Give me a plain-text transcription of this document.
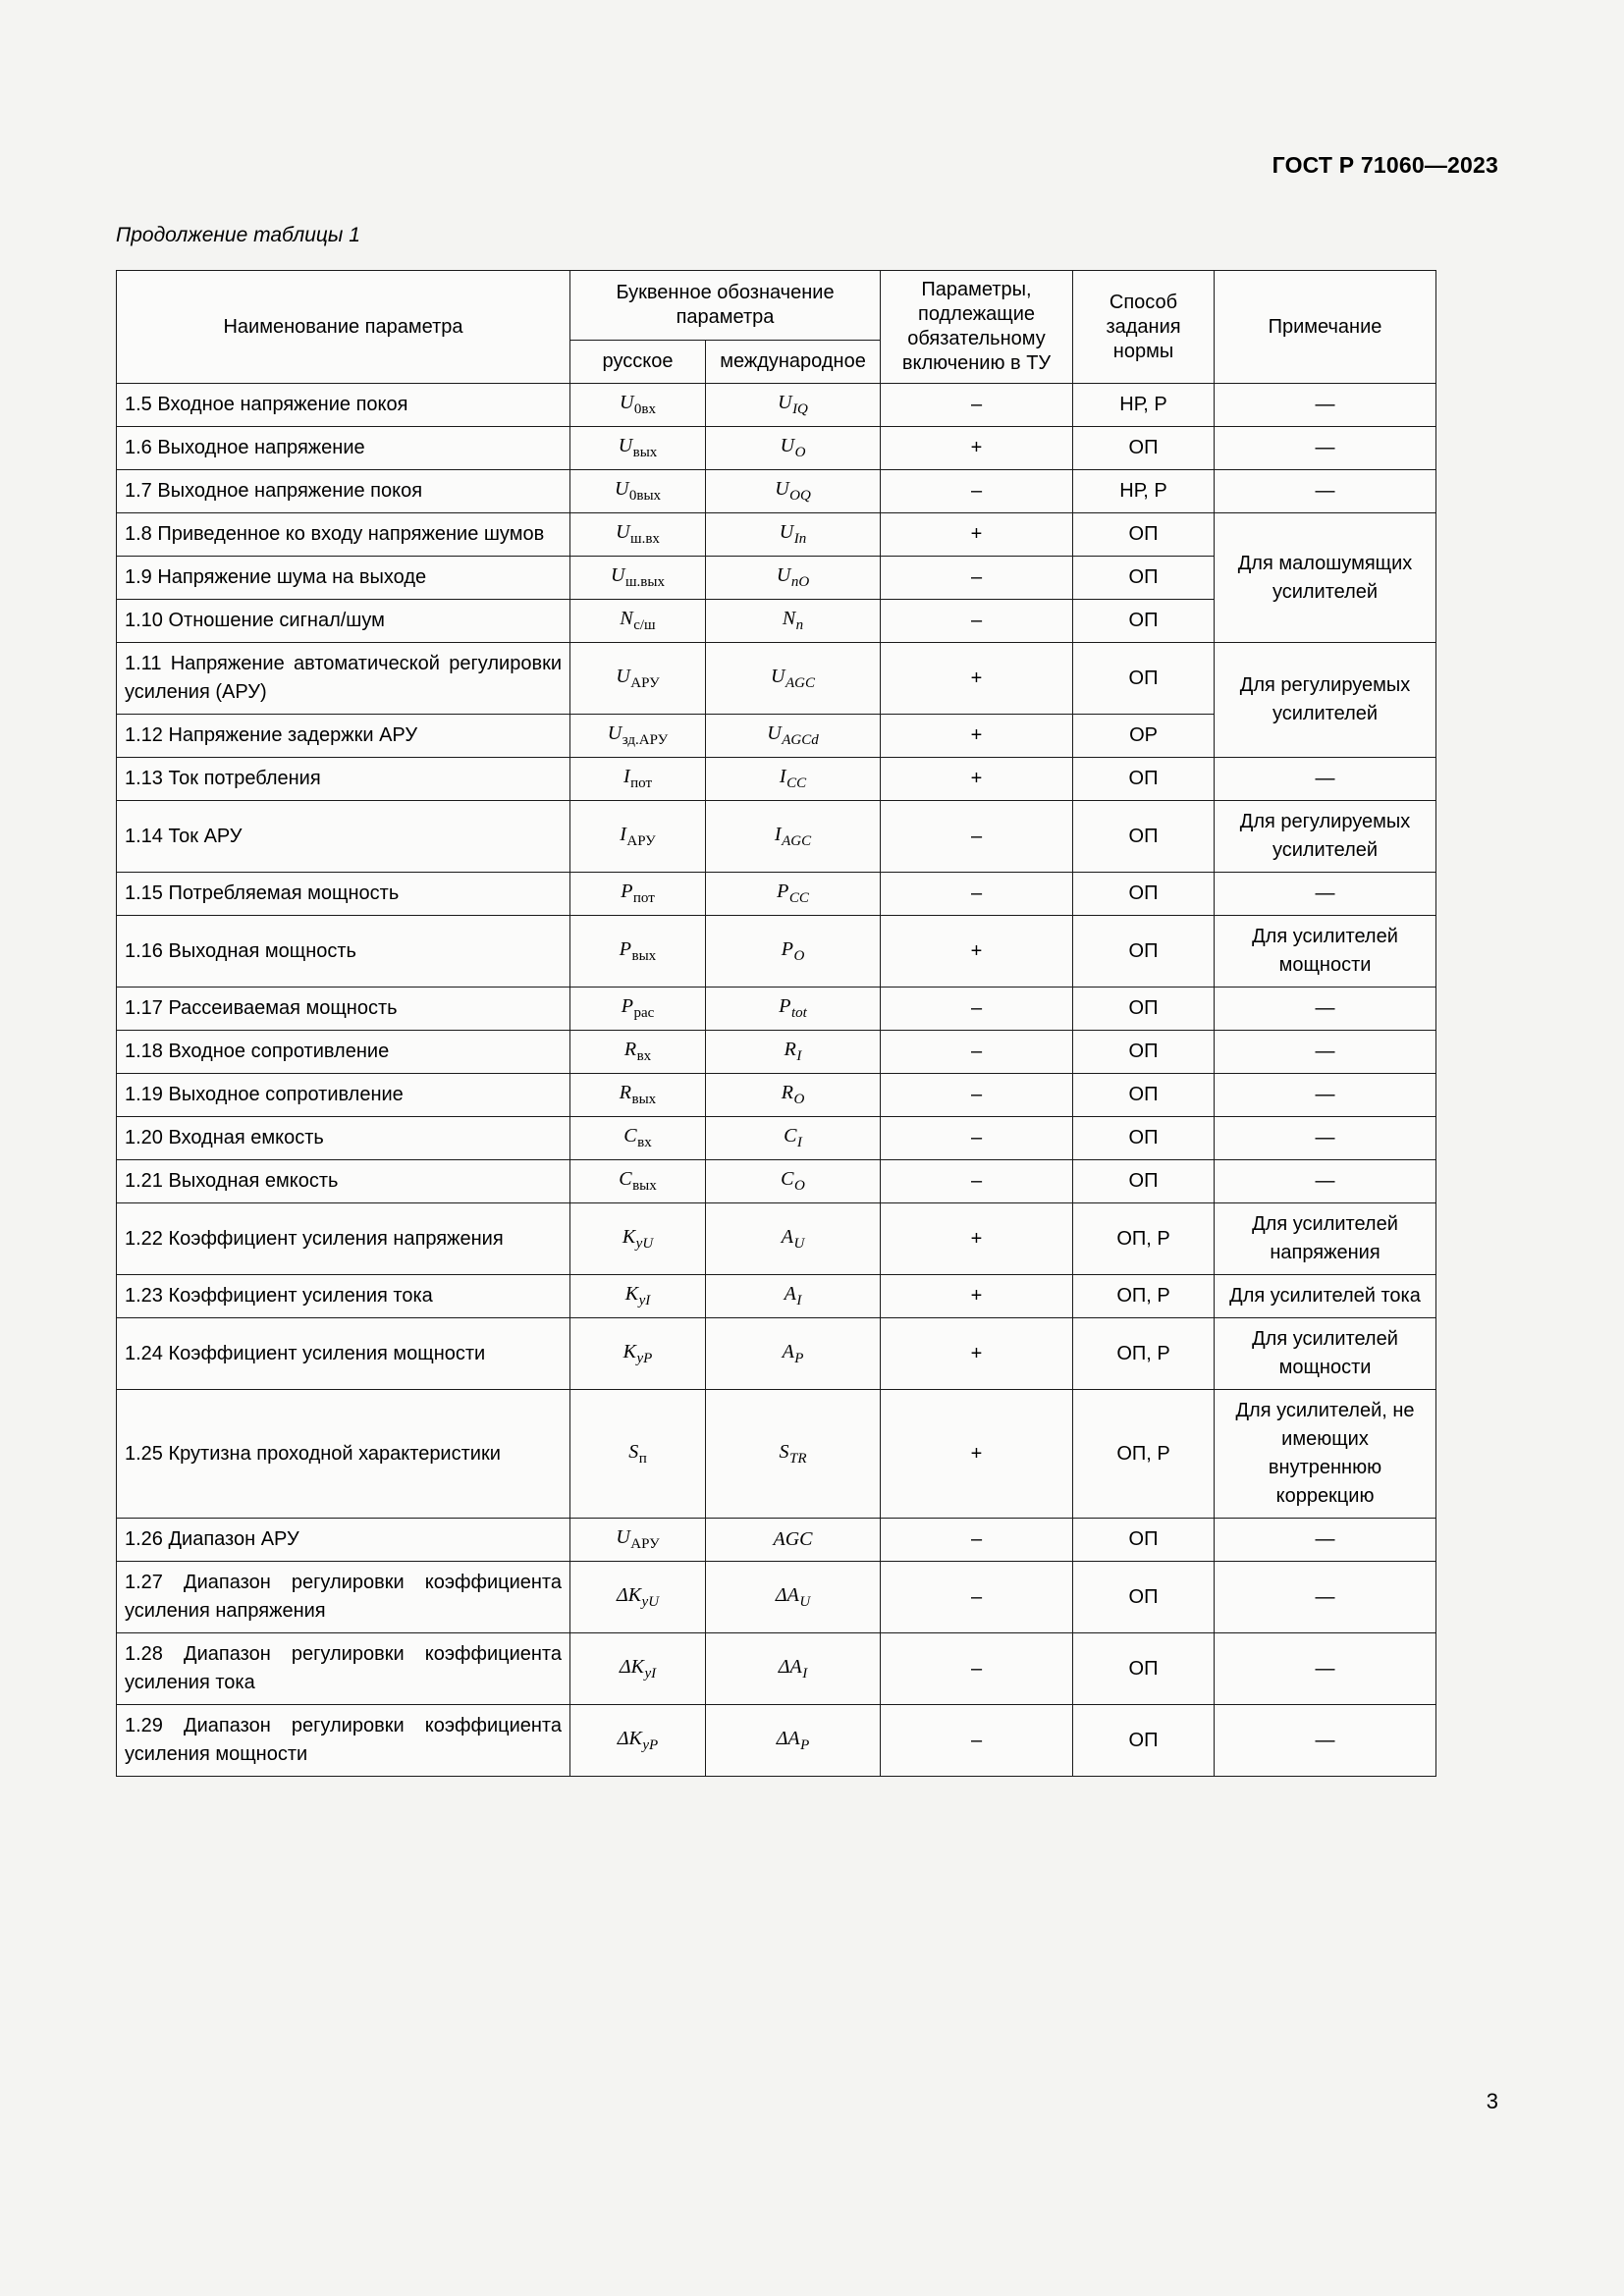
ГОСТ Р 71060—2023
Продолжение таблицы 1
Наименование параметра	Буквенное обозначение параметра		Параметры, подлежащие обязательному включению в ТУ	Способ задания нормы	Примечание
	русское	международное			

1.5 Входное напряжение покоя	$U_{0вх}$	$U_{IQ}$	–	НР, Р	—

1.6 Выходное напряжение	$U_{вых}$	$U_O$	+	ОП	—

1.7 Выходное напряжение покоя	$U_{0вых}$	$U_{OQ}$	–	НР, Р	—

1.8 Приведенное ко входу напряжение шумов	$U_{ш.вх}$	$U_{In}$	+	ОП	Для малошумящих усилителей

1.9 Напряжение шума на выходе	$U_{ш.вых}$	$U_{nO}$	–	ОП	

1.10 Отношение сигнал/шум	$N_{с/ш}$	$N_n$	–	ОП	

1.11 Напряжение автоматической регулировки усиления (АРУ)	$U_{АРУ}$	$U_{AGC}$	+	ОП	Для регулируемых усилителей

1.12 Напряжение задержки АРУ	$U_{зд.АРУ}$	$U_{AGCd}$	+	ОР	

1.13 Ток потребления	$I_{пот}$	$I_{CC}$	+	ОП	—

1.14 Ток АРУ	$I_{АРУ}$	$I_{AGC}$	–	ОП	Для регулируемых усилителей

1.15 Потребляемая мощность	$P_{пот}$	$P_{CC}$	–	ОП	—

1.16 Выходная мощность	$P_{вых}$	$P_O$	+	ОП	Для усилителей мощности

1.17 Рассеиваемая мощность	$P_{рас}$	$P_{tot}$	–	ОП	—

1.18 Входное сопротивление	$R_{вх}$	$R_I$	–	ОП	—

1.19 Выходное сопротивление	$R_{вых}$	$R_O$	–	ОП	—

1.20 Входная емкость	$C_{вх}$	$C_I$	–	ОП	—

1.21 Выходная емкость	$C_{вых}$	$C_O$	–	ОП	—

1.22 Коэффициент усиления напряжения	$K_{yU}$	$A_U$	+	ОП, Р	Для усилителей напряжения

1.23 Коэффициент усиления тока	$K_{yI}$	$A_I$	+	ОП, Р	Для усилителей тока

1.24 Коэффициент усиления мощности	$K_{yP}$	$A_P$	+	ОП, Р	Для усилителей мощности

1.25 Крутизна проходной характеристики	$S_п$	$S_{TR}$	+	ОП, Р	Для усилителей, не имеющих внутреннюю коррекцию

1.26 Диапазон АРУ	$U_{АРУ}$	AGC	–	ОП	—

1.27 Диапазон регулировки коэффициента усиления напряжения	$\Delta K_{yU}$	$\Delta A_U$	–	ОП	—

1.28 Диапазон регулировки коэффициента усиления тока	$\Delta K_{yI}$	$\Delta A_I$	–	ОП	—

1.29 Диапазон регулировки коэффициента усиления мощности	$\Delta K_{yP}$	$\Delta A_P$	–	ОП	—
3
